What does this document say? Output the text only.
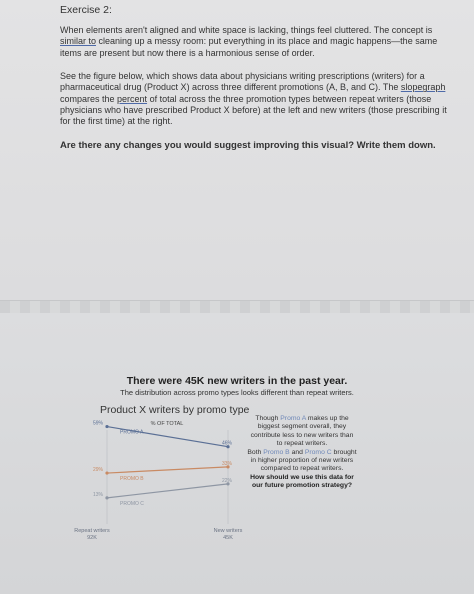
Exercise 2:

When elements aren't aligned and white space is lacking, things feel cluttered. The concept is similar to cleaning up a messy room: put everything in its place and magic happens—the same items are present but now there is a harmonious sense of order.

See the figure below, which shows data about physicians writing prescriptions (writers) for a pharmaceutical drug (Product X) across three different promotions (A, B, and C). The slopegraph compares the percent of total across the three promotion types between repeat writers (those physicians who have prescribed Product X before) at the left and new writers (those prescribing it for the first time) at the right.

Are there any changes you would suggest improving this visual? Write them down.

There were 45K new writers in the past year.
The distribution across promo types looks different than repeat writers.
Product X writers by promo type
% OF TOTAL
59%
46%
PROMO A
29%
33%
PROMO B
13%
22%
PROMO C
Repeat writers
92K
New writers
45K
Though Promo A makes up the biggest segment overall, they contribute less to new writers than to repeat writers.
Both Promo B and Promo C brought in higher proportion of new writers compared to repeat writers.
How should we use this data for our future promotion strategy?
